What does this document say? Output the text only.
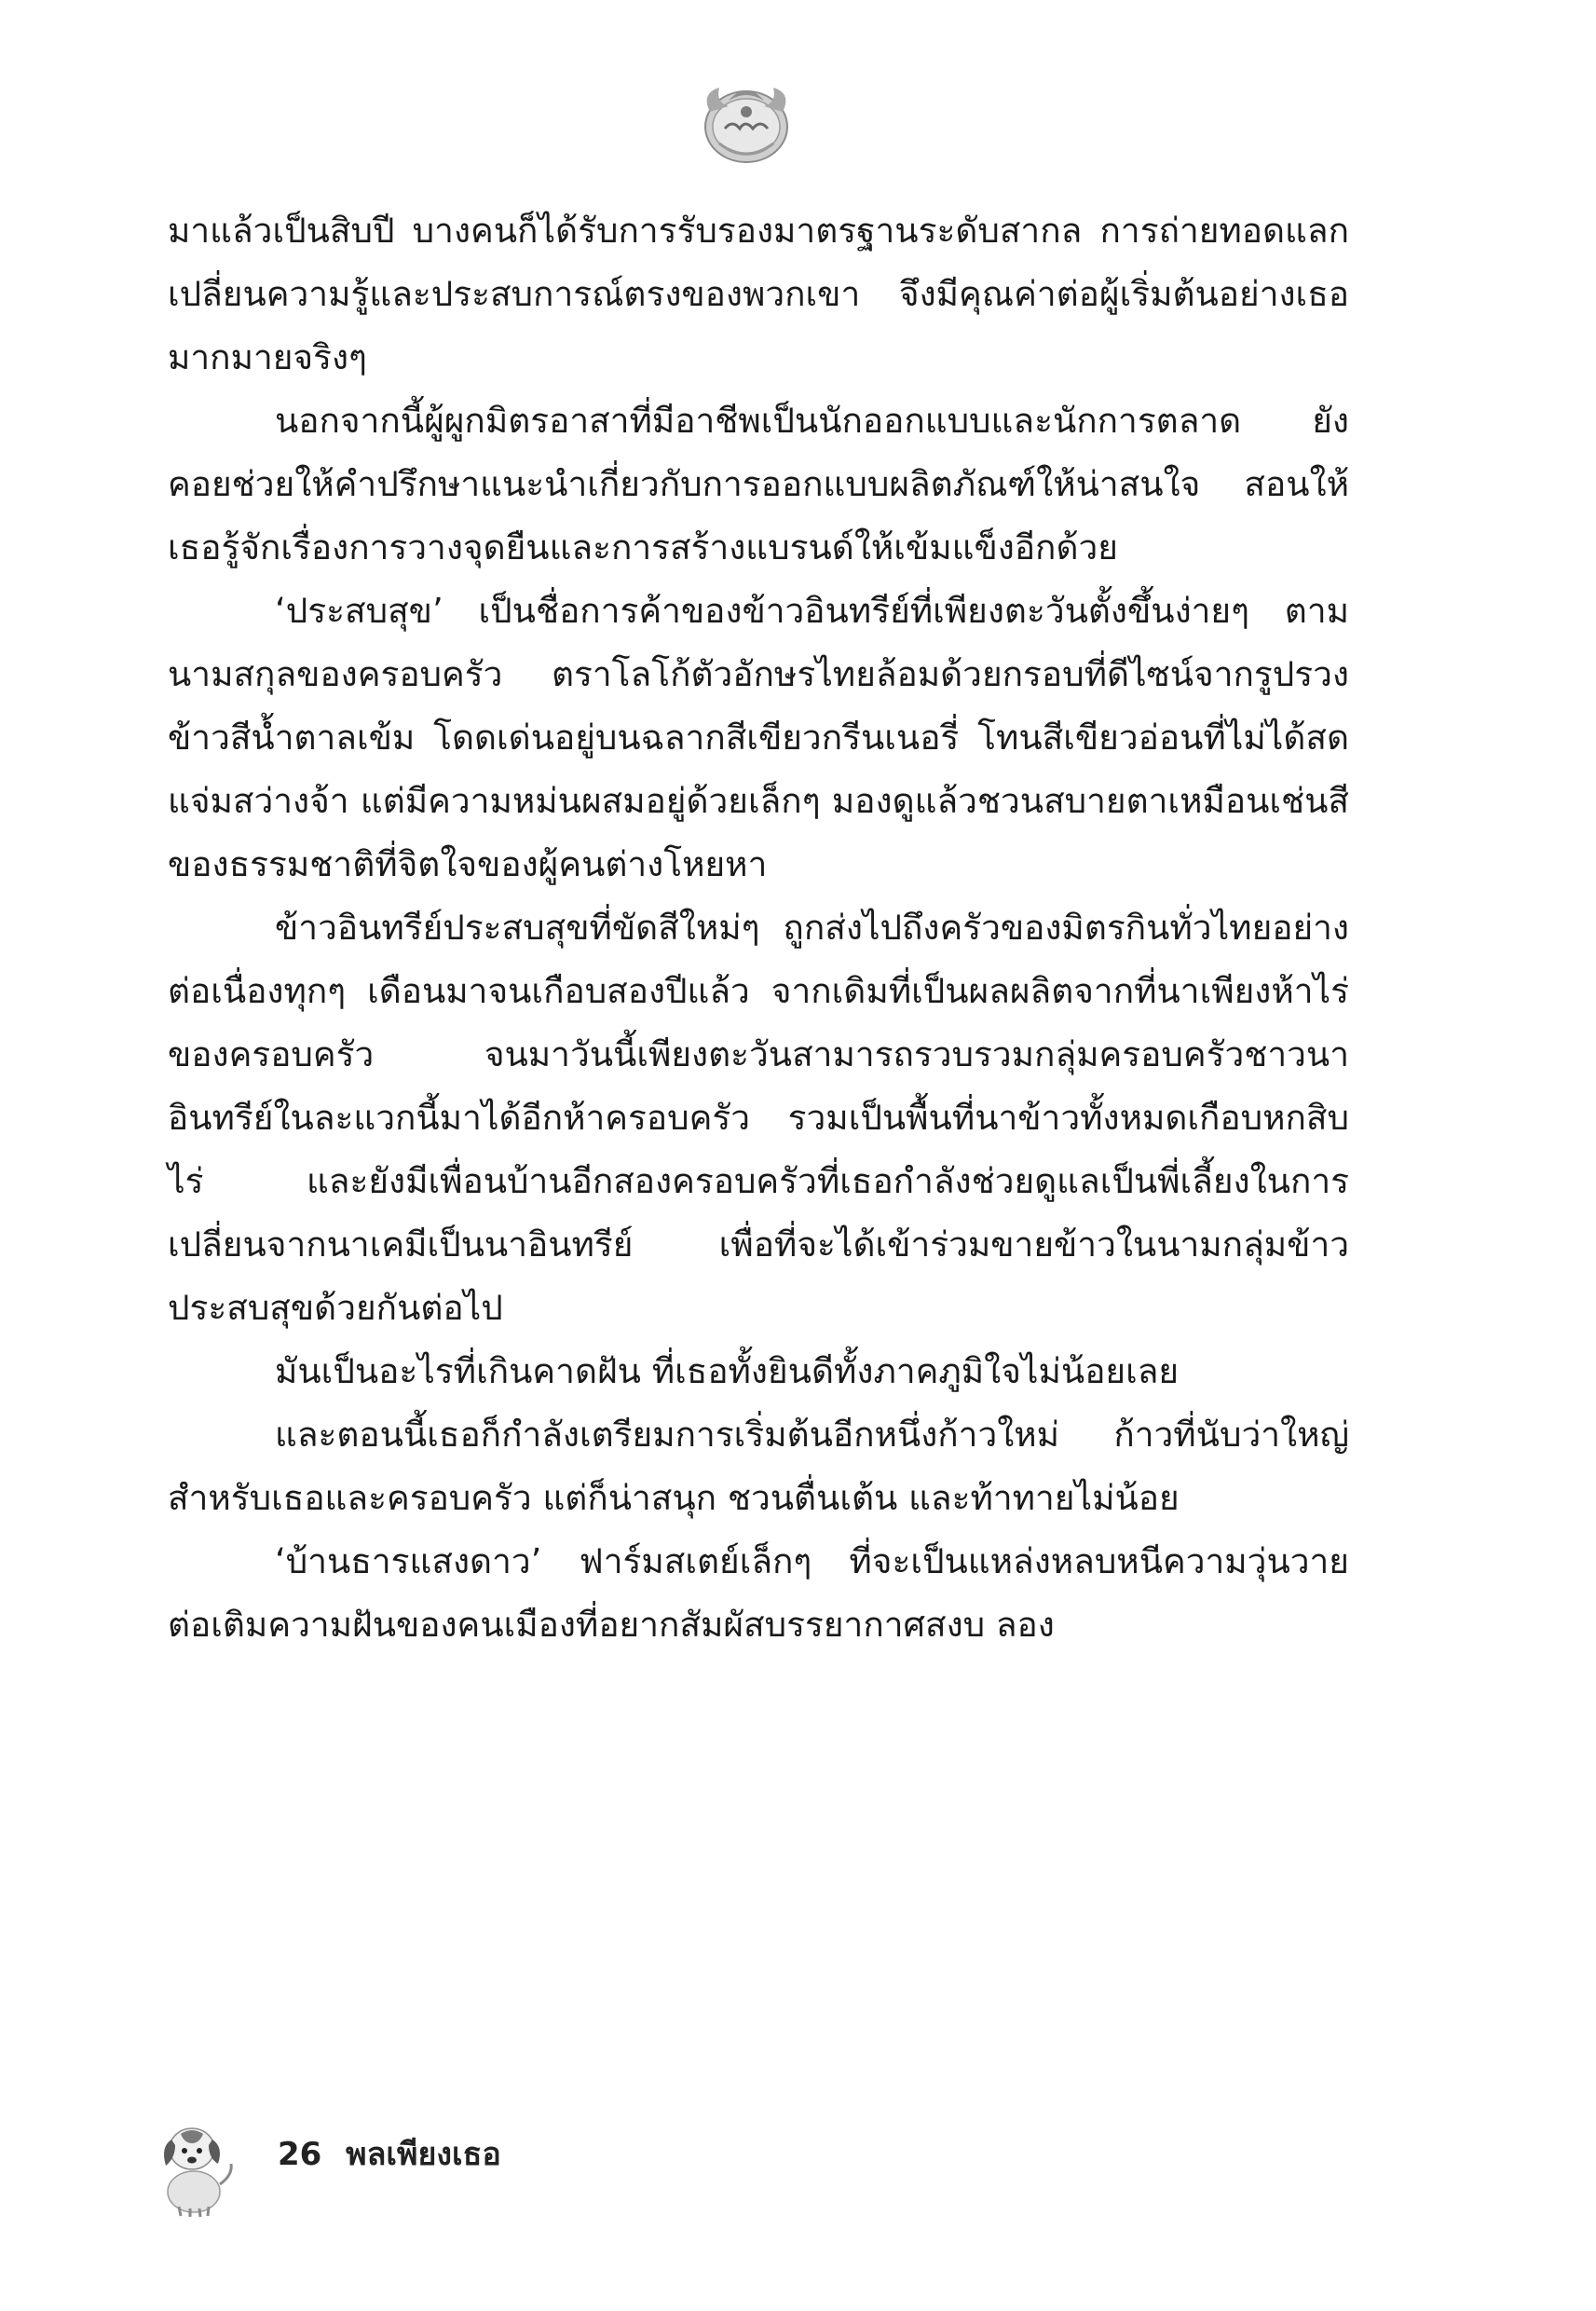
มาแล้วเป็นสิบปี บางคนก็ได้รับการรับรองมาตรฐานระดับสากล การถ่ายทอดแลกเปลี่ยนความรู้และประสบการณ์ตรงของพวกเขา จึงมีคุณค่าต่อผู้เริ่มต้นอย่างเธอมากมายจริงๆ

นอกจากนี้ผู้ผูกมิตรอาสาที่มีอาชีพเป็นนักออกแบบและนักการตลาด ยังคอยช่วยให้คำปรึกษาแนะนำเกี่ยวกับการออกแบบผลิตภัณฑ์ให้น่าสนใจ สอนให้เธอรู้จักเรื่องการวางจุดยืนและการสร้างแบรนด์ให้เข้มแข็งอีกด้วย

‘ประสบสุข’ เป็นชื่อการค้าของข้าวอินทรีย์ที่เพียงตะวันตั้งขึ้นง่ายๆ ตามนามสกุลของครอบครัว ตราโลโก้ตัวอักษรไทยล้อมด้วยกรอบที่ดีไซน์จากรูปรวงข้าวสีน้ำตาลเข้ม โดดเด่นอยู่บนฉลากสีเขียวกรีนเนอรี่ โทนสีเขียวอ่อนที่ไม่ได้สดแจ่มสว่างจ้า แต่มีความหม่นผสมอยู่ด้วยเล็กๆ มองดูแล้วชวนสบายตาเหมือนเช่นสีของธรรมชาติที่จิตใจของผู้คนต่างโหยหา

ข้าวอินทรีย์ประสบสุขที่ขัดสีใหม่ๆ ถูกส่งไปถึงครัวของมิตรกินทั่วไทยอย่างต่อเนื่องทุกๆ เดือนมาจนเกือบสองปีแล้ว จากเดิมที่เป็นผลผลิตจากที่นาเพียงห้าไร่ของครอบครัว จนมาวันนี้เพียงตะวันสามารถรวบรวมกลุ่มครอบครัวชาวนาอินทรีย์ในละแวกนี้มาได้อีกห้าครอบครัว รวมเป็นพื้นที่นาข้าวทั้งหมดเกือบหกสิบไร่ และยังมีเพื่อนบ้านอีกสองครอบครัวที่เธอกำลังช่วยดูแลเป็นพี่เลี้ยงในการเปลี่ยนจากนาเคมีเป็นนาอินทรีย์ เพื่อที่จะได้เข้าร่วมขายข้าวในนามกลุ่มข้าวประสบสุขด้วยกันต่อไป

มันเป็นอะไรที่เกินคาดฝัน ที่เธอทั้งยินดีทั้งภาคภูมิใจไม่น้อยเลย

และตอนนี้เธอก็กำลังเตรียมการเริ่มต้นอีกหนึ่งก้าวใหม่ ก้าวที่นับว่าใหญ่สำหรับเธอและครอบครัว แต่ก็น่าสนุก ชวนตื่นเต้น และท้าทายไม่น้อย

‘บ้านธารแสงดาว’ ฟาร์มสเตย์เล็กๆ ที่จะเป็นแหล่งหลบหนีความวุ่นวาย ต่อเติมความฝันของคนเมืองที่อยากสัมผัสบรรยากาศสงบ ลอง

26 พลเพียงเธอ
